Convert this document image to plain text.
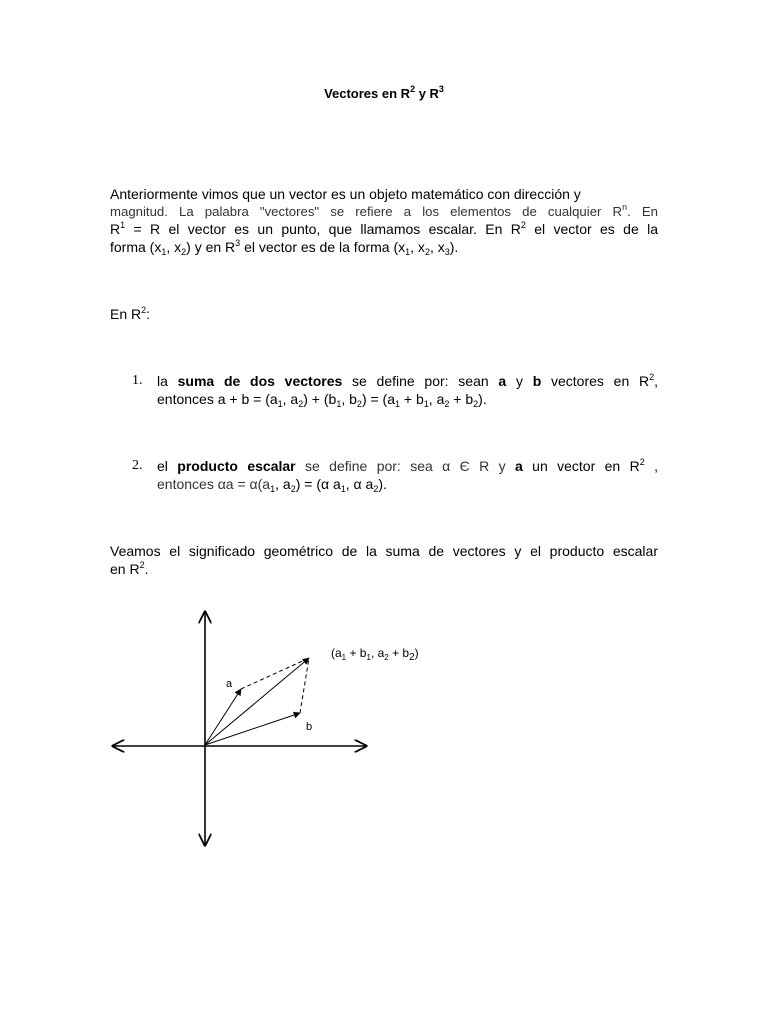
Vectores en $R^2$ y $R^3$
Anteriormente vimos que un vector es un objeto matemático con dirección y
magnitud. La palabra "vectores" se refiere a los elementos de cualquier $R^n$. En
$R^1 = R$ el vector es un punto, que llamamos escalar. En $R^2$ el vector es de la
forma ($x_1$, $x_2$) y en $R^3$ el vector es de la forma ($x_1$, $x_2$, $x_3$).
En $R^2$:
1. la suma de dos vectores se define por: sean a y b vectores en $R^2$,
entonces $a + b = (a_1$, $a_2) + (b_1$, $b_2) = (a_1 + b_1$, $a_2 + b_2$).
2. el producto escalar se define por: sea α Є R y a un vector en $R^2$ ,
entonces $\alpha a = \alpha(a_1$, $a_2) = (\alpha$ $a_1$, α $a_2$).
Veamos el significado geométrico de la suma de vectores y el producto escalar
en $R^2$.
a
b
($a_1 + b_1$, $a_2 + b_2$)
